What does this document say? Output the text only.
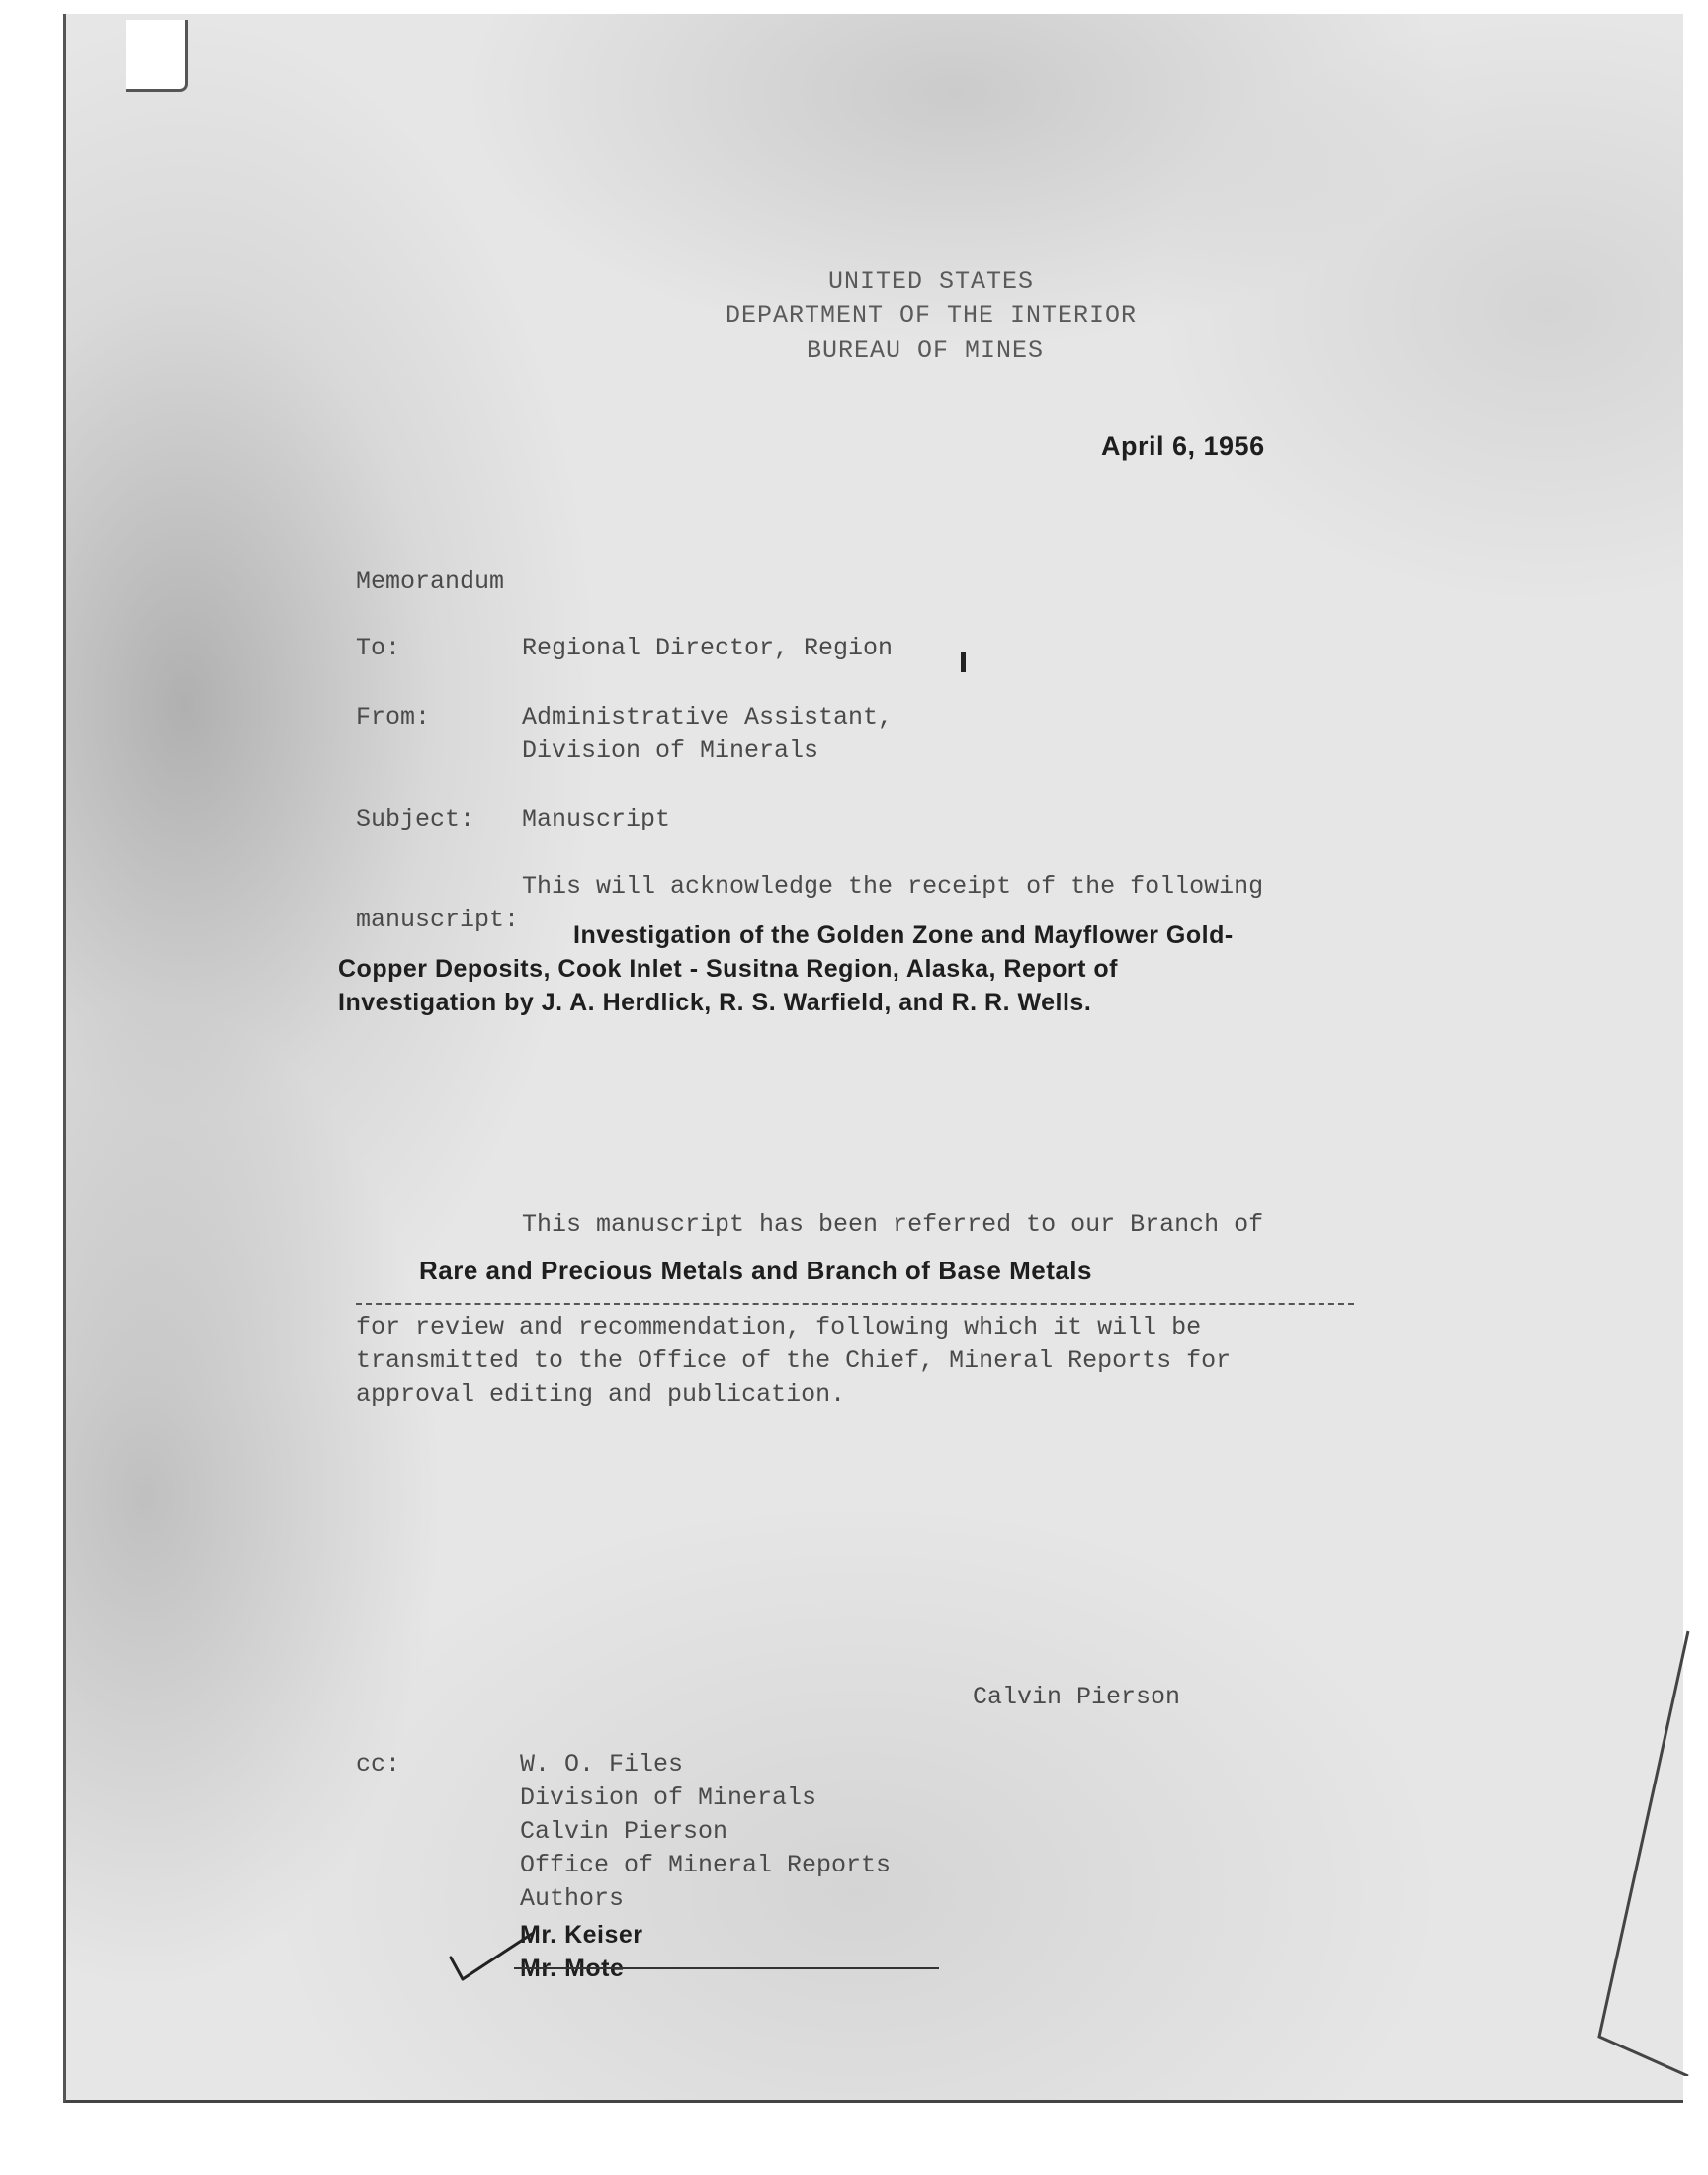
UNITED STATES
DEPARTMENT OF THE INTERIOR
BUREAU OF MINES
April 6, 1956
Memorandum
To:	Regional Director, Region
From:	Administrative Assistant,
Division of Minerals
Subject: Manuscript
This will acknowledge the receipt of the following
manuscript:
Investigation of the Golden Zone and Mayflower Gold-
Copper Deposits, Cook Inlet - Susitna Region, Alaska, Report of
Investigation by J. A. Herdlick, R. S. Warfield, and R. R. Wells.
This manuscript has been referred to our Branch of
Rare and Precious Metals and Branch of Base Metals
for review and recommendation, following which it will be
transmitted to the Office of the Chief, Mineral Reports for
approval editing and publication.
Calvin Pierson
cc:	W. O. Files
Division of Minerals
Calvin Pierson
Office of Mineral Reports
Authors
Mr. Keiser
Mr. Mote
